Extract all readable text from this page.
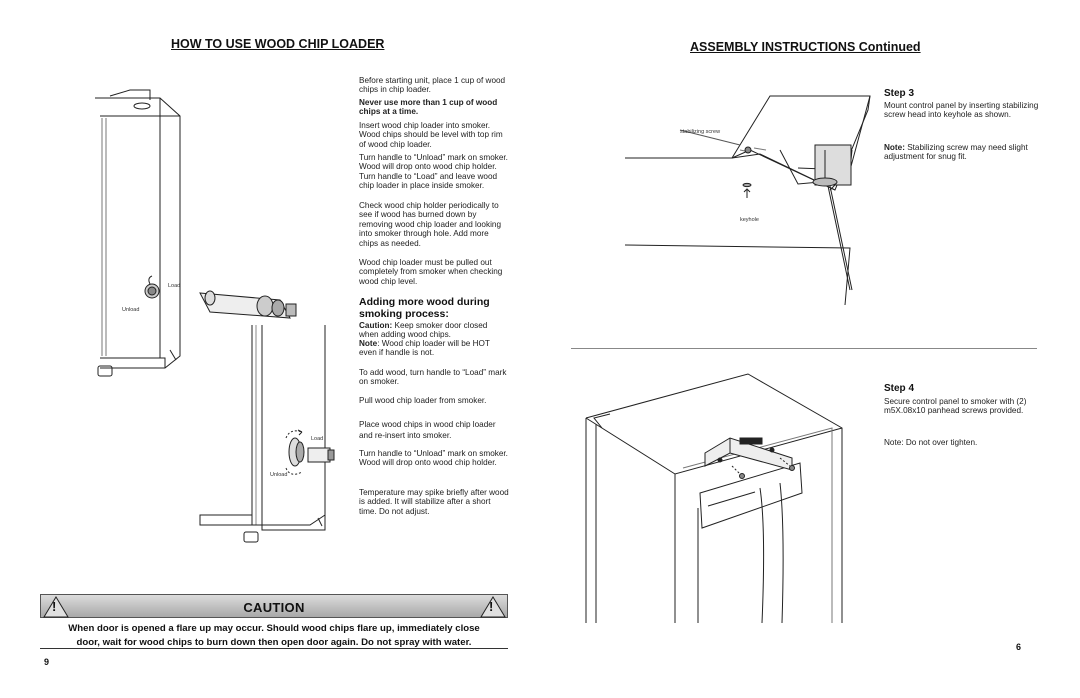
HOW TO USE WOOD CHIP LOADER
Load
Unload
Load
Unload
Before starting unit, place 1 cup of wood chips in chip loader.
Never use more than 1 cup of wood chips at a time.
Insert wood chip loader into smoker. Wood chips should be level with top rim of wood chip loader.
Turn handle to “Unload” mark on smoker. Wood will drop onto wood chip holder. Turn handle to “Load” and leave wood chip loader in place inside smoker.
Check wood chip holder periodically to see if wood has burned down by removing wood chip loader and looking into smoker through hole. Add more chips as needed.
Wood chip loader must be pulled out completely from smoker when checking wood chip level.
Adding more wood during smoking process:
Caution: Keep smoker door closed when adding wood chips.
Note: Wood chip loader will be HOT even if handle is not.
To add wood, turn handle to “Load” mark on smoker.
Pull wood chip loader from smoker.
Place wood chips in wood chip loader and re-insert into smoker.
Turn handle to “Unload” mark on smoker. Wood will drop onto wood chip holder.
Temperature may spike briefly after wood is added. It will stabilize after a short time. Do not adjust.
!	CAUTION	!
When door is opened a flare up may occur. Should wood chips flare up, immediately close
door, wait for wood chips to burn down then open door again. Do not spray with water.
9
ASSEMBLY INSTRUCTIONS Continued
stabilizing screw
keyhole
Step 3
Mount control panel by inserting stabilizing screw head into keyhole as shown.
Note: Stabilizing screw may need slight adjustment for snug fit.
Step 4
Secure control panel to smoker with (2) m5X.08x10 panhead screws provided.
Note: Do not over tighten.
6
